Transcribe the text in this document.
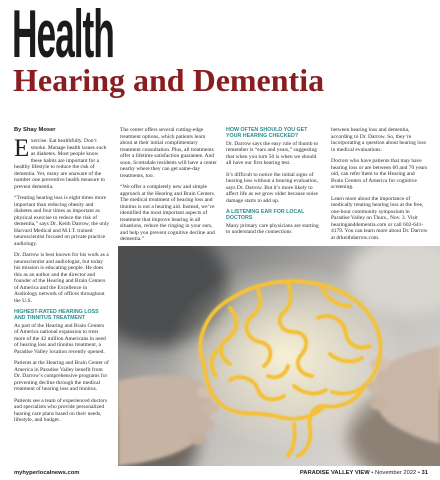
Health
Hearing and Dementia
By Shay Moser

Exercise. Eat healthfully. Don’t smoke. Manage health issues such as diabetes. Most people know these habits are important for a healthy lifestyle to reduce the risk of dementia. Yet, many are unaware of the number one preventive health measure to prevent dementia.

“Treating hearing loss is eight times more important than reducing obesity and diabetes and four times as important as physical exercise to reduce the risk of dementia,” says Dr. Keith Darrow, the only Harvard Medical and M.I.T. trained neuroscientist focused on private practice audiology.

Dr. Darrow is best known for his work as a neuroscientist and audiologist, but today his mission is educating people. He does this as an author and the director and founder of the Hearing and Brain Centers of America and the Excellence in Audiology network of offices throughout the U.S.

HIGHEST-RATED HEARING LOSS AND TINNITUS TREATMENT

As part of the Hearing and Brain Centers of America national expansion to treat more of the 42 million Americans in need of hearing loss and tinnitus treatment, a Paradise Valley location recently opened.

Patients at the Hearing and Brain Center of America in Paradise Valley benefit from Dr. Darrow’s comprehensive programs for preventing decline through the medical treatment of hearing loss and tinnitus.

Patients see a team of experienced doctors and specialists who provide personalized hearing care plans based on their needs, lifestyle, and budget.

The center offers several cutting-edge treatment options, which patients learn about at their initial complimentary treatment consultation. Plus, all treatments offer a lifetime satisfaction guarantee. And soon, Scottsdale residents will have a center nearby where they can get same-day treatments, too.

“We offer a completely new and simple approach at the Hearing and Brain Centers. The medical treatment of hearing loss and tinnitus is not a hearing aid. Instead, we’ve identified the most important aspects of treatment that improve hearing in all situations, reduce the ringing in your ears, and help you prevent cognitive decline and dementia.”

HOW OFTEN SHOULD YOU GET YOUR HEARING CHECKED?

Dr. Darrow says the easy rule of thumb to remember is “ears and years,” suggesting that when you turn 50 is when we should all have our first hearing test.

It’s difficult to notice the initial signs of hearing loss without a hearing evaluation, says Dr. Darrow. But it’s more likely to affect life as we grow older because noise damage starts to add up.

A LISTENING EAR FOR LOCAL DOCTORS

Many primary care physicians are starting to understand the connections

between hearing loss and dementia, according to Dr. Darrow. So, they’re incorporating a question about hearing loss in medical evaluations.

Doctors who have patients that may have hearing loss or are between 60 and 70 years old, can refer them to the Hearing and Brain Centers of America for cognitive screening.

Learn more about the importance of medically treating hearing loss at the free, one-hour community symposium in Paradise Valley on Thurs., Nov. 3. Visit hearinganddementia.com or call 602-641-4179. You can learn more about Dr. Darrow at drkeithdarrow.com.

myhyperlocalnews.com	PARADISE VALLEY VIEW • November 2022 • 31
